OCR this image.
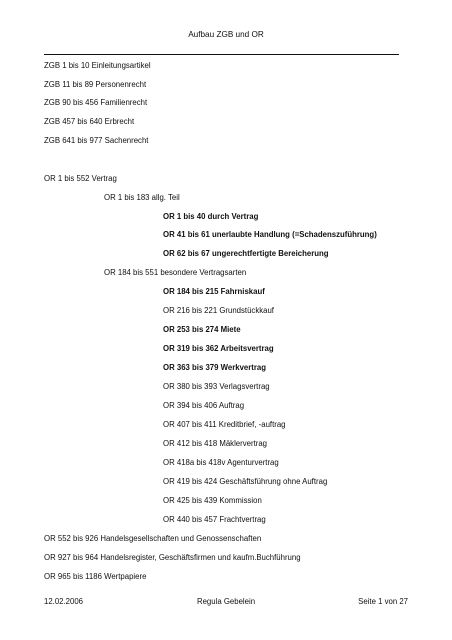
Aufbau ZGB und OR
ZGB 1 bis 10 Einleitungsartikel
ZGB 11 bis 89 Personenrecht
ZGB 90 bis 456 Familienrecht
ZGB 457 bis 640 Erbrecht
ZGB 641 bis 977 Sachenrecht
OR 1 bis 552 Vertrag
OR 1 bis 183 allg. Teil
OR 1 bis 40 durch Vertrag
OR 41 bis 61 unerlaubte Handlung (=Schadenszuführung)
OR 62 bis 67 ungerechtfertigte Bereicherung
OR 184 bis 551 besondere Vertragsarten
OR 184 bis 215 Fahrniskauf
OR 216 bis 221 Grundstückkauf
OR 253 bis 274 Miete
OR 319 bis 362 Arbeitsvertrag
OR 363 bis 379 Werkvertrag
OR 380 bis 393 Verlagsvertrag
OR 394 bis 406 Auftrag
OR 407 bis 411 Kreditbrief, -auftrag
OR 412 bis 418 Mäklervertrag
OR 418a bis 418v Agenturvertrag
OR 419 bis 424 Geschäftsführung ohne Auftrag
OR 425 bis 439 Kommission
OR 440 bis 457 Frachtvertrag
OR 552 bis 926 Handelsgesellschaften und Genossenschaften
OR 927 bis 964 Handelsregister, Geschäftsfirmen und kaufm.Buchführung
OR 965 bis 1186 Wertpapiere
12.02.2006	Regula Gebelein	Seite 1 von 27
